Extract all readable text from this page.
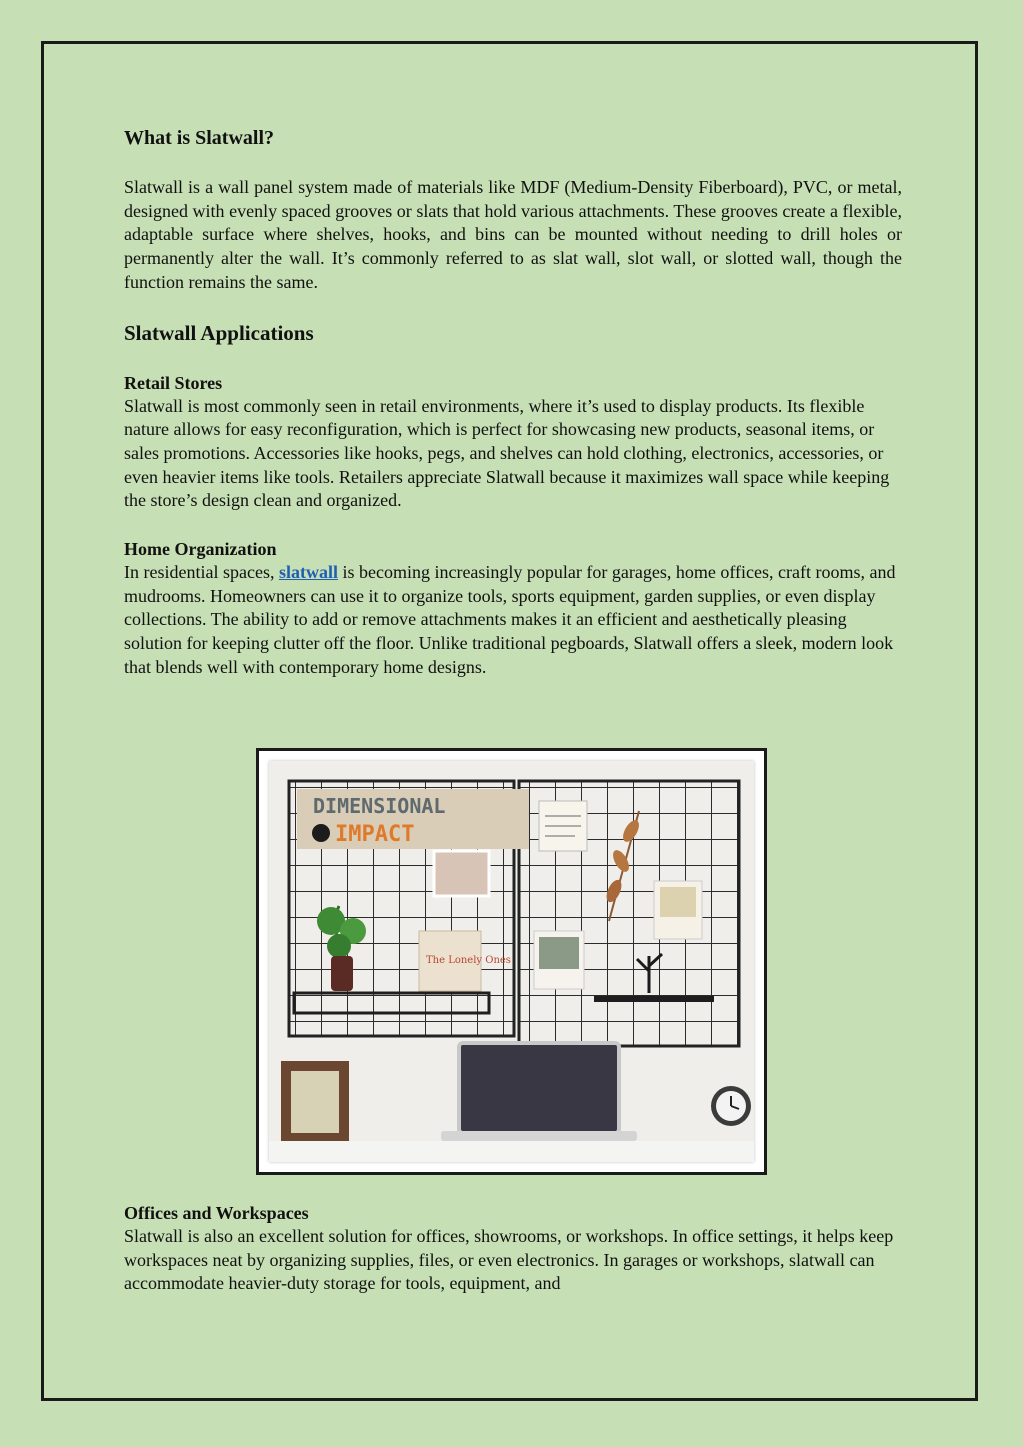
What is Slatwall?

Slatwall is a wall panel system made of materials like MDF (Medium-Density Fiberboard), PVC, or metal, designed with evenly spaced grooves or slats that hold various attachments. These grooves create a flexible, adaptable surface where shelves, hooks, and bins can be mounted without needing to drill holes or permanently alter the wall. It’s commonly referred to as slat wall, slot wall, or slotted wall, though the function remains the same.

Slatwall Applications
Retail Stores

Slatwall is most commonly seen in retail environments, where it’s used to display products. Its flexible nature allows for easy reconfiguration, which is perfect for showcasing new products, seasonal items, or sales promotions. Accessories like hooks, pegs, and shelves can hold clothing, electronics, accessories, or even heavier items like tools. Retailers appreciate Slatwall because it maximizes wall space while keeping the store’s design clean and organized.

Home Organization

In residential spaces, slatwall is becoming increasingly popular for garages, home offices, craft rooms, and mudrooms. Homeowners can use it to organize tools, sports equipment, garden supplies, or even display collections. The ability to add or remove attachments makes it an efficient and aesthetically pleasing solution for keeping clutter off the floor. Unlike traditional pegboards, Slatwall offers a sleek, modern look that blends well with contemporary home designs.

DIMENSIONAL
IMPACT
The Lonely Ones
Offices and Workspaces

Slatwall is also an excellent solution for offices, showrooms, or workshops. In office settings, it helps keep workspaces neat by organizing supplies, files, or even electronics. In garages or workshops, slatwall can accommodate heavier-duty storage for tools, equipment, and
